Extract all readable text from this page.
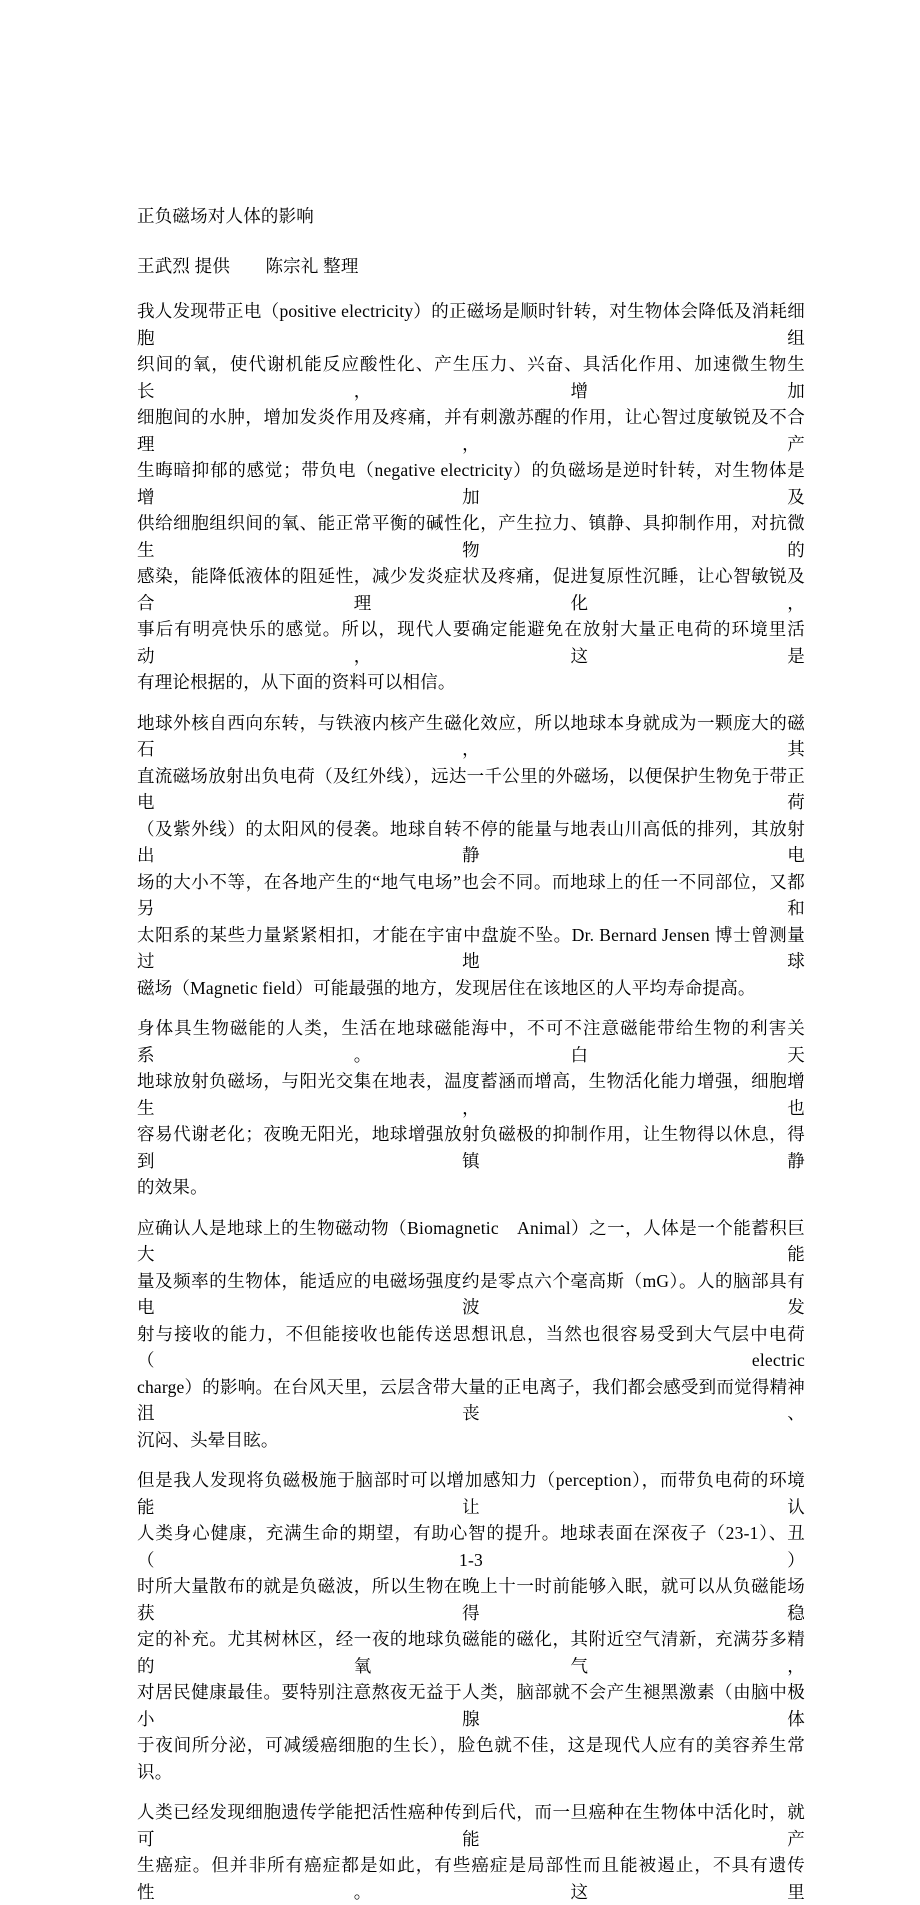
正负磁场对人体的影响
王武烈 提供　　陈宗礼 整理
我人发现带正电（positive electricity）的正磁场是顺时针转，对生物体会降低及消耗细胞组
织间的氧，使代谢机能反应酸性化、产生压力、兴奋、具活化作用、加速微生物生长，增加
细胞间的水肿，增加发炎作用及疼痛，并有刺激苏醒的作用，让心智过度敏锐及不合理，产
生晦暗抑郁的感觉；带负电（negative electricity）的负磁场是逆时针转，对生物体是增加及
供给细胞组织间的氧、能正常平衡的碱性化，产生拉力、镇静、具抑制作用，对抗微生物的
感染，能降低液体的阻延性，减少发炎症状及疼痛，促进复原性沉睡，让心智敏锐及合理化，
事后有明亮快乐的感觉。所以，现代人要确定能避免在放射大量正电荷的环境里活动，这是
有理论根据的，从下面的资料可以相信。
地球外核自西向东转，与铁液内核产生磁化效应，所以地球本身就成为一颗庞大的磁石，其
直流磁场放射出负电荷（及红外线），远达一千公里的外磁场，以便保护生物免于带正电荷
（及紫外线）的太阳风的侵袭。地球自转不停的能量与地表山川高低的排列，其放射出静电
场的大小不等，在各地产生的“地气电场”也会不同。而地球上的任一不同部位，又都另和
太阳系的某些力量紧紧相扣，才能在宇宙中盘旋不坠。Dr. Bernard Jensen 博士曾测量过地球
磁场（Magnetic field）可能最强的地方，发现居住在该地区的人平均寿命提高。
身体具生物磁能的人类，生活在地球磁能海中，不可不注意磁能带给生物的利害关系。白天
地球放射负磁场，与阳光交集在地表，温度蓄涵而增高，生物活化能力增强，细胞增生，也
容易代谢老化；夜晚无阳光，地球增强放射负磁极的抑制作用，让生物得以休息，得到镇静
的效果。
应确认人是地球上的生物磁动物（Biomagnetic　Animal）之一，人体是一个能蓄积巨大能
量及频率的生物体，能适应的电磁场强度约是零点六个毫高斯（mG）。人的脑部具有电波发
射与接收的能力，不但能接收也能传送思想讯息，当然也很容易受到大气层中电荷（electric
charge）的影响。在台风天里，云层含带大量的正电离子，我们都会感受到而觉得精神沮丧、
沉闷、头晕目眩。
但是我人发现将负磁极施于脑部时可以增加感知力（perception），而带负电荷的环境能让认
人类身心健康，充满生命的期望，有助心智的提升。地球表面在深夜子（23-1）、丑（1-3）
时所大量散布的就是负磁波，所以生物在晚上十一时前能够入眠，就可以从负磁能场获得稳
定的补充。尤其树林区，经一夜的地球负磁能的磁化，其附近空气清新，充满芬多精的氧气，
对居民健康最佳。要特别注意熬夜无益于人类，脑部就不会产生褪黑激素（由脑中极小腺体
于夜间所分泌，可减缓癌细胞的生长），脸色就不佳，这是现代人应有的美容养生常识。
人类已经发现细胞遗传学能把活性癌种传到后代，而一旦癌种在生物体中活化时，就可能产
生癌症。但并非所有癌症都是如此，有些癌症是局部性而且能被遏止，不具有遗传性。这里
